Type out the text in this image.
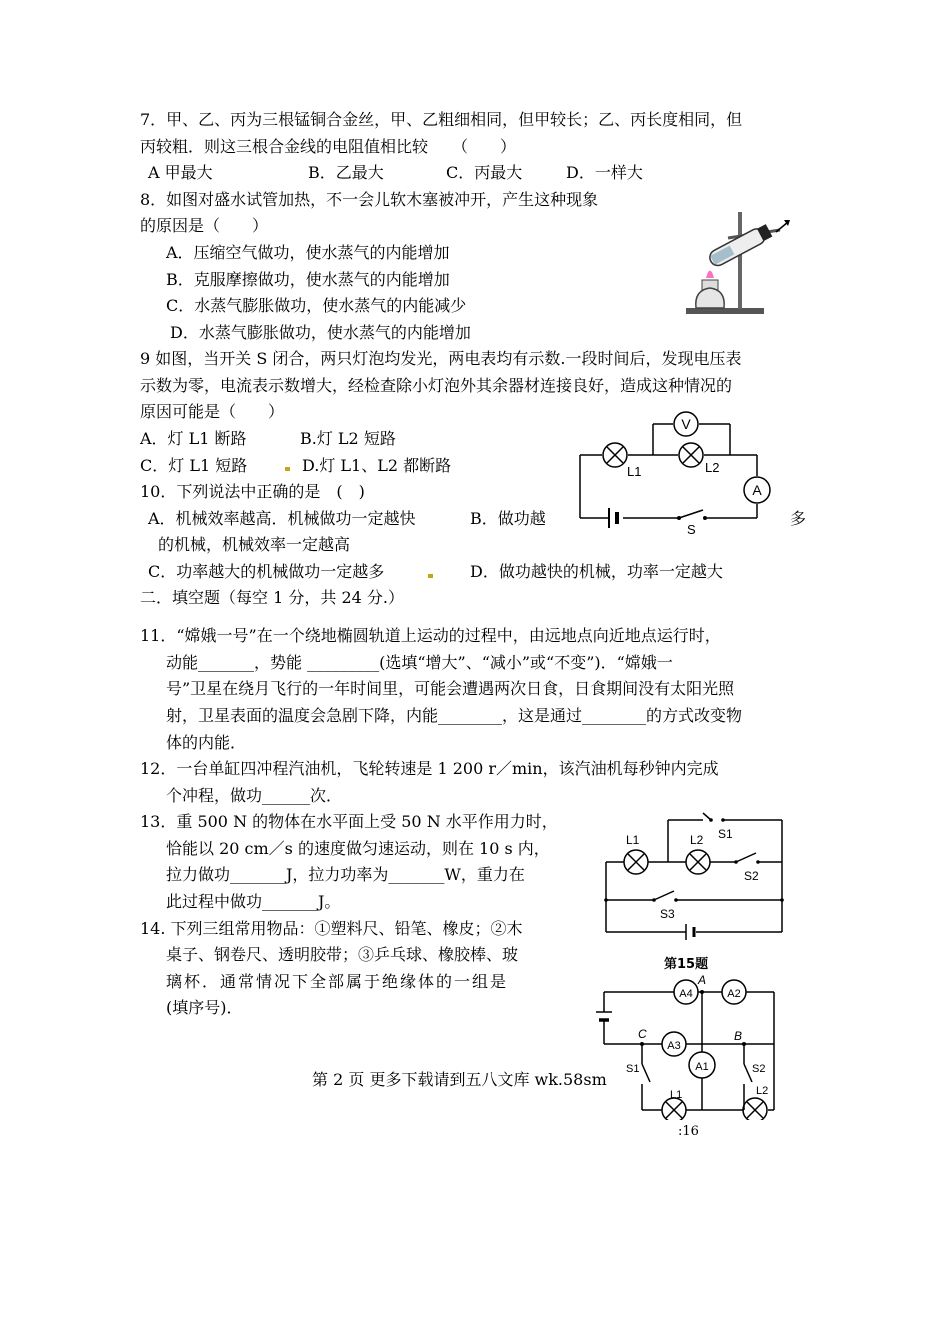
7．甲、乙、丙为三根锰铜合金丝，甲、乙粗细相同，但甲较长；乙、丙长度相同，但
丙较粗．则这三根合金线的电阻值相比较　　（　　）
A 甲最大	B．乙最大	C．丙最大	D．一样大
8．如图对盛水试管加热，不一会儿软木塞被冲开，产生这种现象
的原因是（　　）
A．压缩空气做功，使水蒸气的内能增加
B．克服摩擦做功，使水蒸气的内能增加
C．水蒸气膨胀做功，使水蒸气的内能减少
D．水蒸气膨胀做功，使水蒸气的内能增加
9 如图，当开关 S 闭合，两只灯泡均发光，两电表均有示数.一段时间后，发现电压表
示数为零，电流表示数增大，经检查除小灯泡外其余器材连接良好，造成这种情况的
原因可能是（　　）
A．灯 L1 断路	B.灯 L2 短路
C．灯 L1 短路	D.灯 L1、L2 都断路
V
A
L1	L2
S
10．下列说法中正确的是　(　)
A．机械效率越高．机械做功一定越快	B．做功越	多
的机械，机械效率一定越高
C．功率越大的机械做功一定越多	D．做功越快的机械，功率一定越大
二．填空题（每空 1 分，共 24 分.）
11．“嫦娥一号”在一个绕地椭圆轨道上运动的过程中，由远地点向近地点运行时，
动能_______，势能 _________(选填“增大”、“减小”或“不变”)．“嫦娥一
号”卫星在绕月飞行的一年时间里，可能会遭遇两次日食，日食期间没有太阳光照
射，卫星表面的温度会急剧下降，内能________，这是通过________的方式改变物
体的内能．
12．一台单缸四冲程汽油机，飞轮转速是 1 200 r／min，该汽油机每秒钟内完成
个冲程，做功______次．
13．重 500 N 的物体在水平面上受 50 N 水平作用力时，
恰能以 20 cm／s 的速度做匀速运动，则在 10 s 内，
拉力做功_______J，拉力功率为_______W，重力在
此过程中做功_______J。
14. 下列三组常用物品：①塑料尺、铅笔、橡皮；②木
桌子、钢卷尺、透明胶带；③乒乓球、橡胶棒、玻
璃杯．通常情况下全部属于绝缘体的一组是
(填序号)．
S1
S2
S3
L1	L2
第15题
A4	A2
A3
A1
A
B
C
S1	S2
L1	L2
:16
第 2 页 更多下载请到五八文库 wk.58sm
